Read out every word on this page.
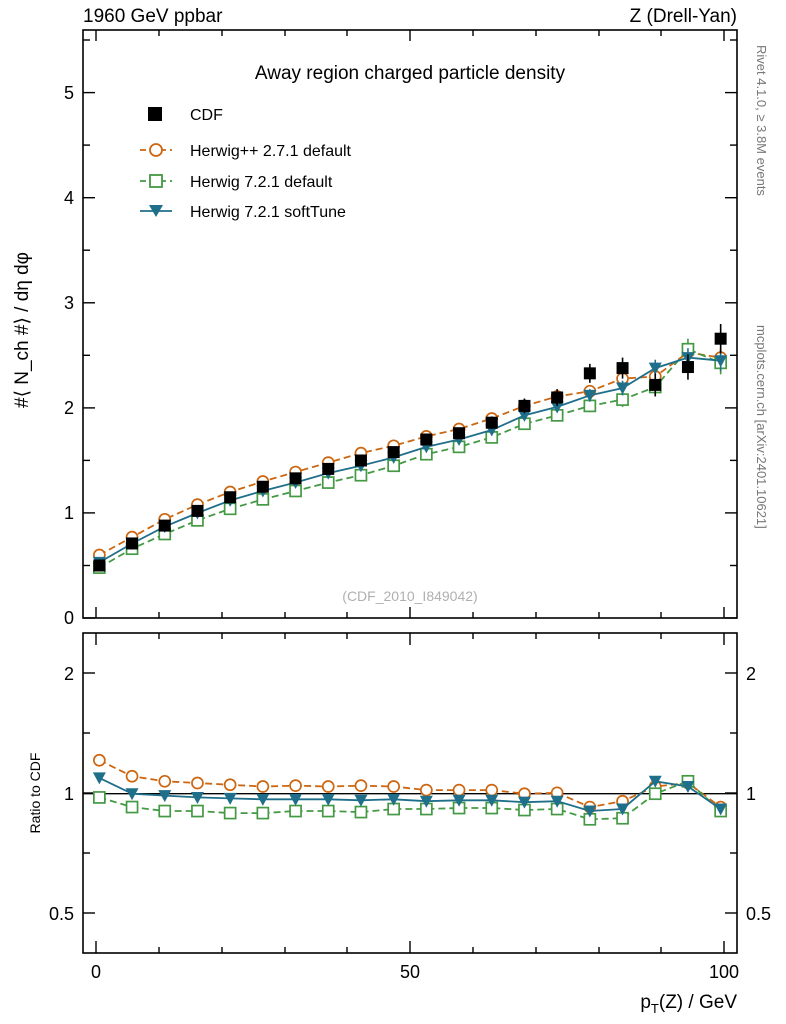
1960 GeV ppbar	Z (Drell-Yan)
Rivet 4.1.0, ≥ 3.8M events
mcplots.cern.ch [arXiv:2401.10621]
0
1
2
3
4
5
#⟨ N_ch #⟩ / dη dφ
Away region charged particle density
(CDF_2010_I849042)
CDF
Herwig++ 2.7.1 default
Herwig 7.2.1 default
Herwig 7.2.1 softTune
2
1
0.5
2
1
0.5
0	50	100
Ratio to CDF
$p_T(Z)$ / GeV
